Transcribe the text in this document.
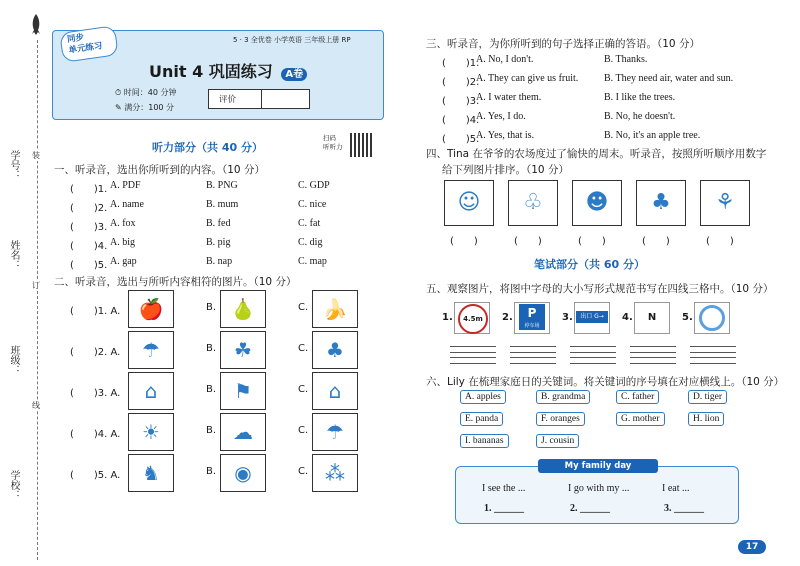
装
订
线
学号：
姓名：
班级：
学校：
同步
单元练习
5 · 3 全优卷 小学英语 三年级上册 RP
Unit 4 巩固练习 A卷
⏱ 时间：40 分钟
✎ 满分：100 分
评价
扫码
听听力
听力部分（共 40 分）
一、听录音，选出你所听到的内容。（10 分）
(　　)1. A. PDF	B. PNG	C. GDP
(　　)2. A. name	B. mum	C. nice
(　　)3. A. fox	B. fed	C. fat
(　　)4. A. big	B. pig	C. dig
(　　)5. A. gap	B. nap	C. map
二、听录音，选出与所听内容相符的图片。（10 分）
(　　)1. A.	B.	C.
🍎	🍐	🍌
(　　)2. A.	B.	C.
☂	☘	♣
(　　)3. A.	B.	C.
⌂	⚑	⌂
(　　)4. A.	B.	C.
☀	☁	☂
(　　)5. A.	B.	C.
♞	◉	⁂
三、听录音，为你所听到的句子选择正确的答语。（10 分）
(　　)1.
A. No, I don't.	B. Thanks.
(　　)2.
A. They can give us fruit.	B. They need air, water and sun.
(　　)3.
A. I water them.	B. I like the trees.
(　　)4.
A. Yes, I do.	B. No, he doesn't.
(　　)5.
A. Yes, that is.	B. No, it's an apple tree.
四、Tina 在爷爷的农场度过了愉快的周末。听录音，按照所听顺序用数字
给下列图片排序。（10 分）
☺
(　　)
♧
(　　)
☻
(　　)
♣
(　　)
⚘
(　　)
笔试部分（共 60 分）
五、观察图片，将图中字母的大小写形式规范书写在四线三格中。（10 分）
1.	4.5m	2.	P
停车场
3.	出口 G→	4.	N	5.
六、Lily 在梳理家庭日的关键词。将关键词的序号填在对应横线上。（10 分）
A. apples	B. grandma	C. father	D. tiger
E. panda	F. oranges	G. mother	H. lion
I. bananas	J. cousin
My family day
I see the ...
1. ______
I go with my ...
2. ______
I eat ...
3. ______
17
